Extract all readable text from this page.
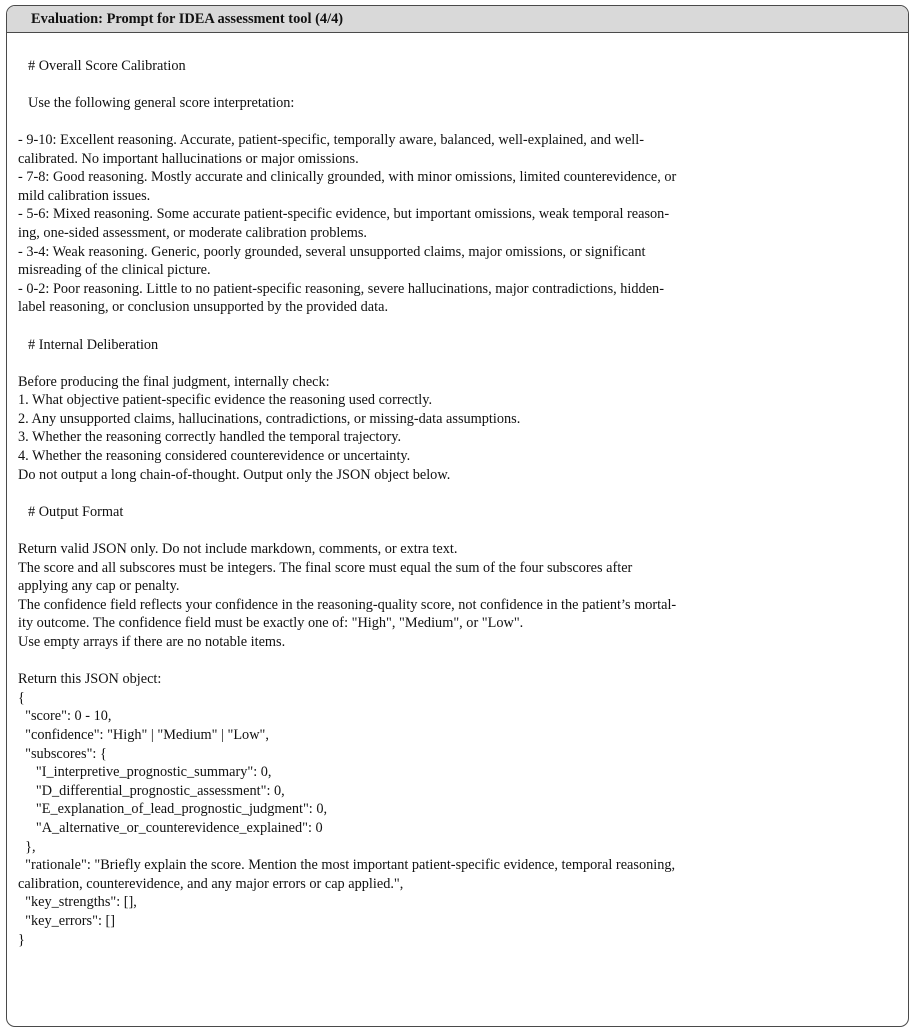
Evaluation: Prompt for IDEA assessment tool (4/4)
# Overall Score Calibration
Use the following general score interpretation:
- 9-10: Excellent reasoning. Accurate, patient-specific, temporally aware, balanced, well-explained, and well-
calibrated. No important hallucinations or major omissions.
- 7-8: Good reasoning. Mostly accurate and clinically grounded, with minor omissions, limited counterevidence, or
mild calibration issues.
- 5-6: Mixed reasoning. Some accurate patient-specific evidence, but important omissions, weak temporal reason-
ing, one-sided assessment, or moderate calibration problems.
- 3-4: Weak reasoning. Generic, poorly grounded, several unsupported claims, major omissions, or significant
misreading of the clinical picture.
- 0-2: Poor reasoning. Little to no patient-specific reasoning, severe hallucinations, major contradictions, hidden-
label reasoning, or conclusion unsupported by the provided data.
# Internal Deliberation
Before producing the final judgment, internally check:
1. What objective patient-specific evidence the reasoning used correctly.
2. Any unsupported claims, hallucinations, contradictions, or missing-data assumptions.
3. Whether the reasoning correctly handled the temporal trajectory.
4. Whether the reasoning considered counterevidence or uncertainty.
Do not output a long chain-of-thought. Output only the JSON object below.
# Output Format
Return valid JSON only. Do not include markdown, comments, or extra text.
The score and all subscores must be integers. The final score must equal the sum of the four subscores after
applying any cap or penalty.
The confidence field reflects your confidence in the reasoning-quality score, not confidence in the patient’s mortal-
ity outcome. The confidence field must be exactly one of: "High", "Medium", or "Low".
Use empty arrays if there are no notable items.
Return this JSON object:
{
"score": 0 - 10,
"confidence": "High" | "Medium" | "Low",
"subscores": {
"I_interpretive_prognostic_summary": 0,
"D_differential_prognostic_assessment": 0,
"E_explanation_of_lead_prognostic_judgment": 0,
"A_alternative_or_counterevidence_explained": 0
},
"rationale": "Briefly explain the score. Mention the most important patient-specific evidence, temporal reasoning,
calibration, counterevidence, and any major errors or cap applied.",
"key_strengths": [],
"key_errors": []
}
